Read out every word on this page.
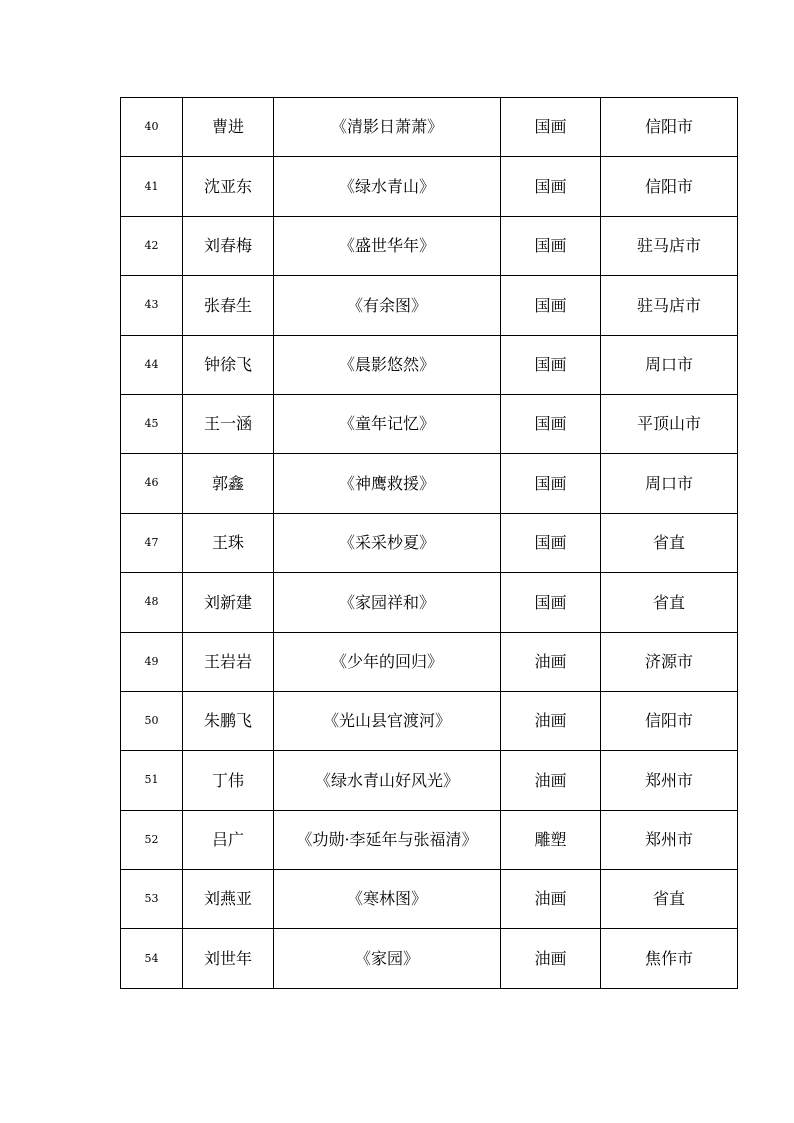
40	曹进	《清影日萧萧》	国画	信阳市
41	沈亚东	《绿水青山》	国画	信阳市
42	刘春梅	《盛世华年》	国画	驻马店市
43	张春生	《有余图》	国画	驻马店市
44	钟徐飞	《晨影悠然》	国画	周口市
45	王一涵	《童年记忆》	国画	平顶山市
46	郭鑫	《神鹰救援》	国画	周口市
47	王珠	《采采杪夏》	国画	省直
48	刘新建	《家园祥和》	国画	省直
49	王岩岩	《少年的回归》	油画	济源市
50	朱鹏飞	《光山县官渡河》	油画	信阳市
51	丁伟	《绿水青山好风光》	油画	郑州市
52	吕广	《功勋·李延年与张福清》	雕塑	郑州市
53	刘燕亚	《寒林图》	油画	省直
54	刘世年	《家园》	油画	焦作市
